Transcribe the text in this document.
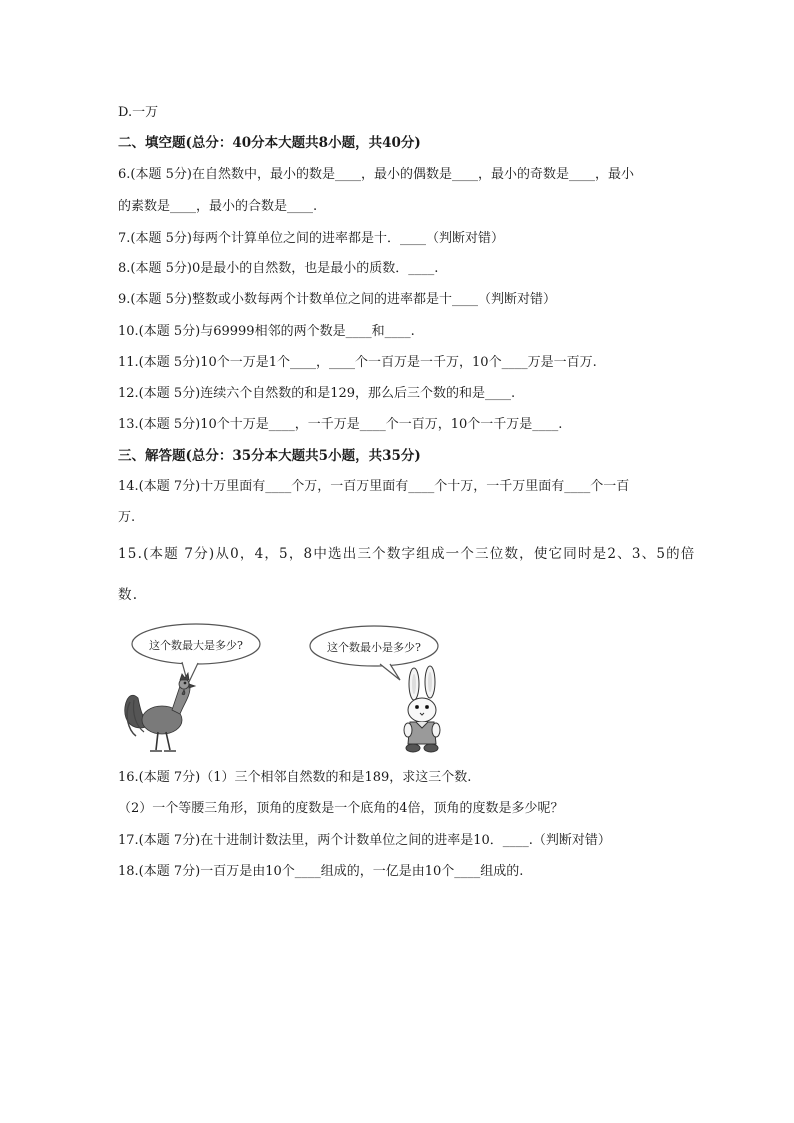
D.一万
二、填空题(总分：40分本大题共8小题，共40分)
6.(本题 5分)在自然数中，最小的数是____，最小的偶数是____，最小的奇数是____，最小
的素数是____，最小的合数是____.
7.(本题 5分)每两个计算单位之间的进率都是十．____（判断对错）
8.(本题 5分)0是最小的自然数，也是最小的质数．____.
9.(本题 5分)整数或小数每两个计数单位之间的进率都是十____（判断对错）
10.(本题 5分)与69999相邻的两个数是____和____.
11.(本题 5分)10个一万是1个____，____个一百万是一千万，10个____万是一百万.
12.(本题 5分)连续六个自然数的和是129，那么后三个数的和是____.
13.(本题 5分)10个十万是____，一千万是____个一百万，10个一千万是____.
三、解答题(总分：35分本大题共5小题，共35分)
14.(本题 7分)十万里面有____个万，一百万里面有____个十万，一千万里面有____个一百
万.
15.(本题 7分)从0，4，5，8中选出三个数字组成一个三位数，使它同时是2、3、5的倍
数.
这个数最大是多少?	这个数最小是多少?
16.(本题 7分)（1）三个相邻自然数的和是189，求这三个数.
（2）一个等腰三角形，顶角的度数是一个底角的4倍，顶角的度数是多少呢？
17.(本题 7分)在十进制计数法里，两个计数单位之间的进率是10．____.（判断对错）
18.(本题 7分)一百万是由10个____组成的，一亿是由10个____组成的.
